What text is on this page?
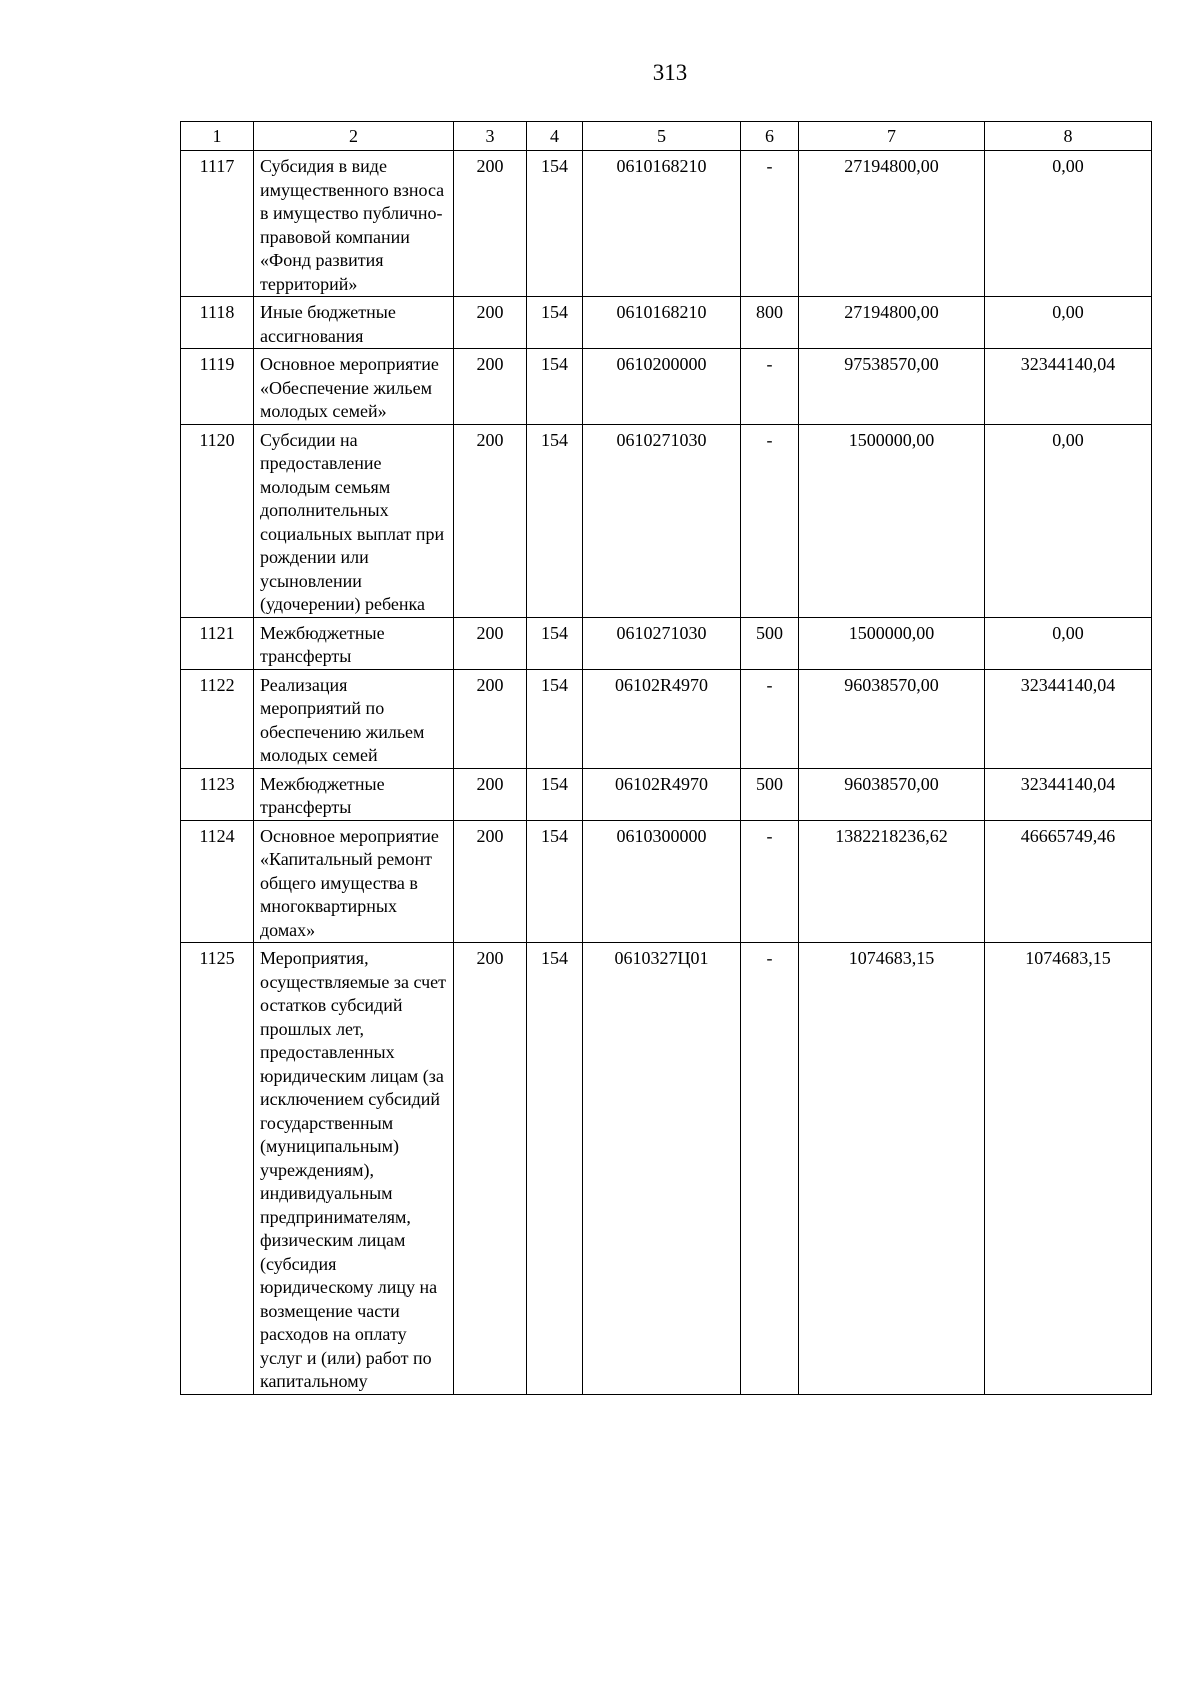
313
1	2	3	4	5	6	7	8
1117	Субсидия в виде имущественного взноса в имущество публично-правовой компании «Фонд развития территорий»	200	154	0610168210	-	27194800,00	0,00
1118	Иные бюджетные ассигнования	200	154	0610168210	800	27194800,00	0,00
1119	Основное мероприятие «Обеспечение жильем молодых семей»	200	154	0610200000	-	97538570,00	32344140,04
1120	Субсидии на предоставление молодым семьям дополнительных социальных выплат при рождении или усыновлении (удочерении) ребенка	200	154	0610271030	-	1500000,00	0,00
1121	Межбюджетные трансферты	200	154	0610271030	500	1500000,00	0,00
1122	Реализация мероприятий по обеспечению жильем молодых семей	200	154	06102R4970	-	96038570,00	32344140,04
1123	Межбюджетные трансферты	200	154	06102R4970	500	96038570,00	32344140,04
1124	Основное мероприятие «Капитальный ремонт общего имущества в многоквартирных домах»	200	154	0610300000	-	1382218236,62	46665749,46
1125	Мероприятия, осуществляемые за счет остатков субсидий прошлых лет, предоставленных юридическим лицам (за исключением субсидий государственным (муниципальным) учреждениям), индивидуальным предпринимателям, физическим лицам (субсидия юридическому лицу на возмещение части расходов на оплату услуг и (или) работ по капитальному	200	154	0610327Ц01	-	1074683,15	1074683,15
